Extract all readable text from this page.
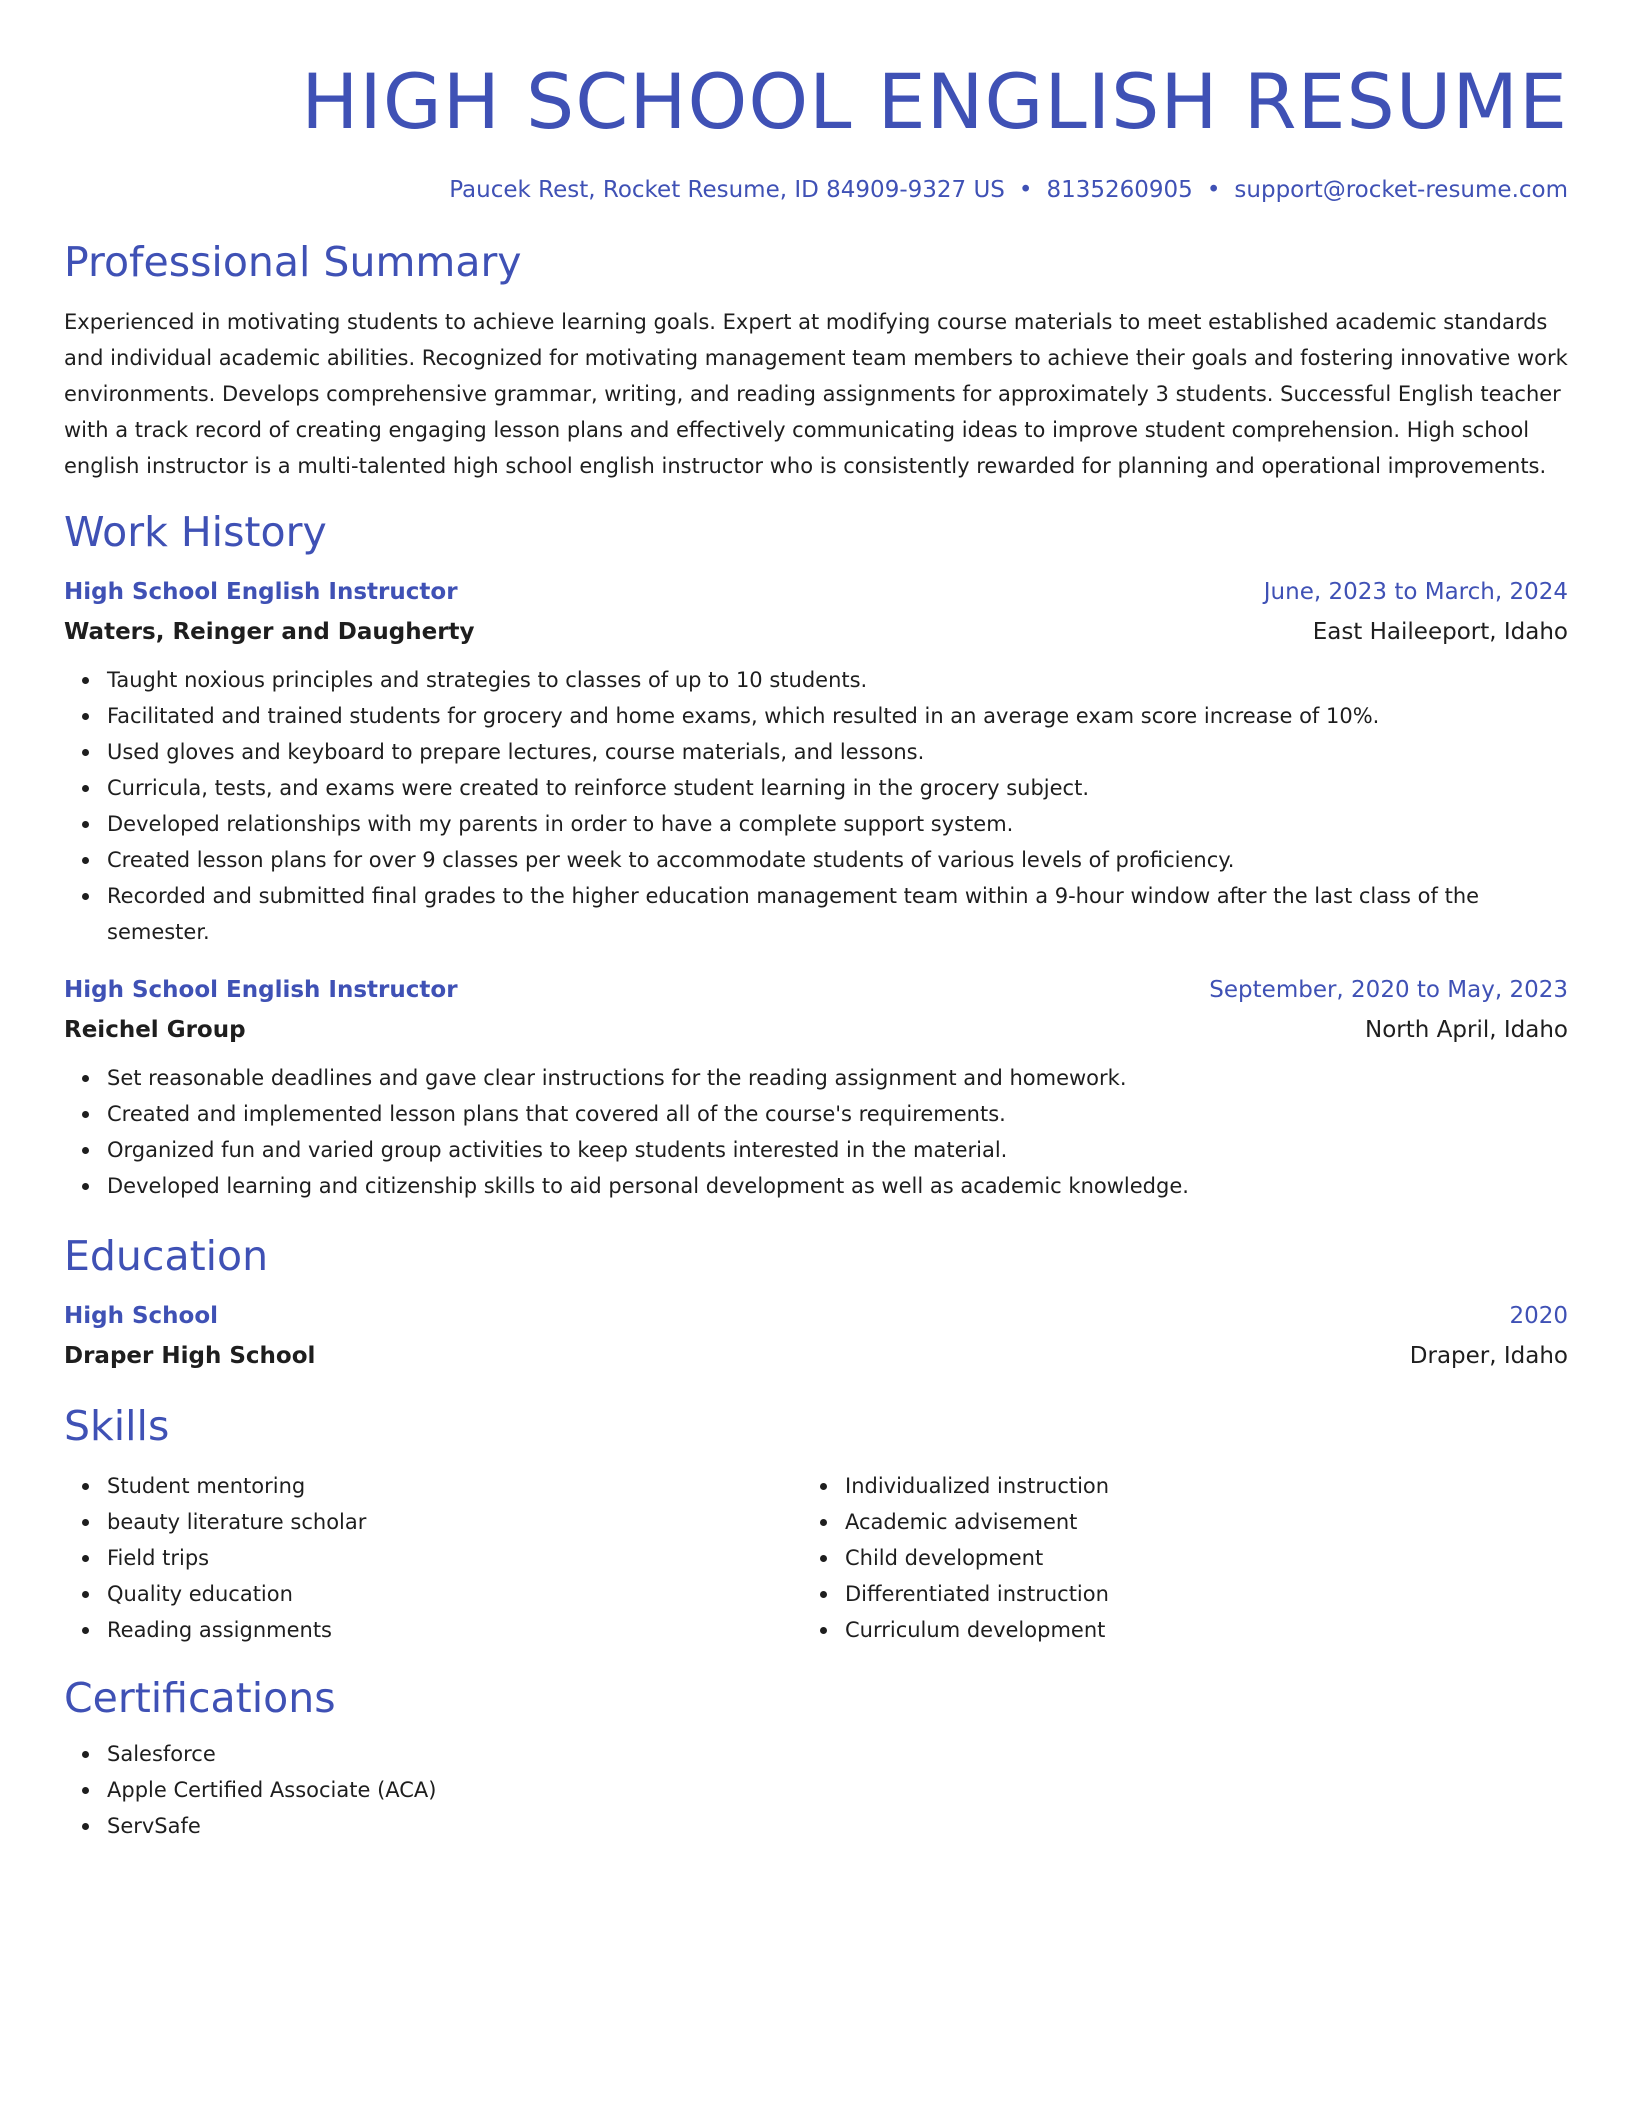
HIGH SCHOOL ENGLISH RESUME
Paucek Rest, Rocket Resume, ID 84909-9327 US • 8135260905 • support@rocket-resume.com
Professional Summary

Experienced in motivating students to achieve learning goals. Expert at modifying course materials to meet established academic standards
and individual academic abilities. Recognized for motivating management team members to achieve their goals and fostering innovative work
environments. Develops comprehensive grammar, writing, and reading assignments for approximately 3 students. Successful English teacher
with a track record of creating engaging lesson plans and effectively communicating ideas to improve student comprehension. High school
english instructor is a multi-talented high school english instructor who is consistently rewarded for planning and operational improvements.

Work History
High School English Instructor	June, 2023 to March, 2024
Waters, Reinger and Daugherty	East Haileeport, Idaho
Taught noxious principles and strategies to classes of up to 10 students.
Facilitated and trained students for grocery and home exams, which resulted in an average exam score increase of 10%.
Used gloves and keyboard to prepare lectures, course materials, and lessons.
Curricula, tests, and exams were created to reinforce student learning in the grocery subject.
Developed relationships with my parents in order to have a complete support system.
Created lesson plans for over 9 classes per week to accommodate students of various levels of proficiency.
Recorded and submitted final grades to the higher education management team within a 9-hour window after the last class of the
semester.
High School English Instructor	September, 2020 to May, 2023
Reichel Group	North April, Idaho
Set reasonable deadlines and gave clear instructions for the reading assignment and homework.
Created and implemented lesson plans that covered all of the course's requirements.
Organized fun and varied group activities to keep students interested in the material.
Developed learning and citizenship skills to aid personal development as well as academic knowledge.
Education
High School	2020
Draper High School	Draper, Idaho
Skills
Student mentoring
beauty literature scholar
Field trips
Quality education
Reading assignments
Individualized instruction
Academic advisement
Child development
Differentiated instruction
Curriculum development
Certifications
Salesforce
Apple Certified Associate (ACA)
ServSafe
